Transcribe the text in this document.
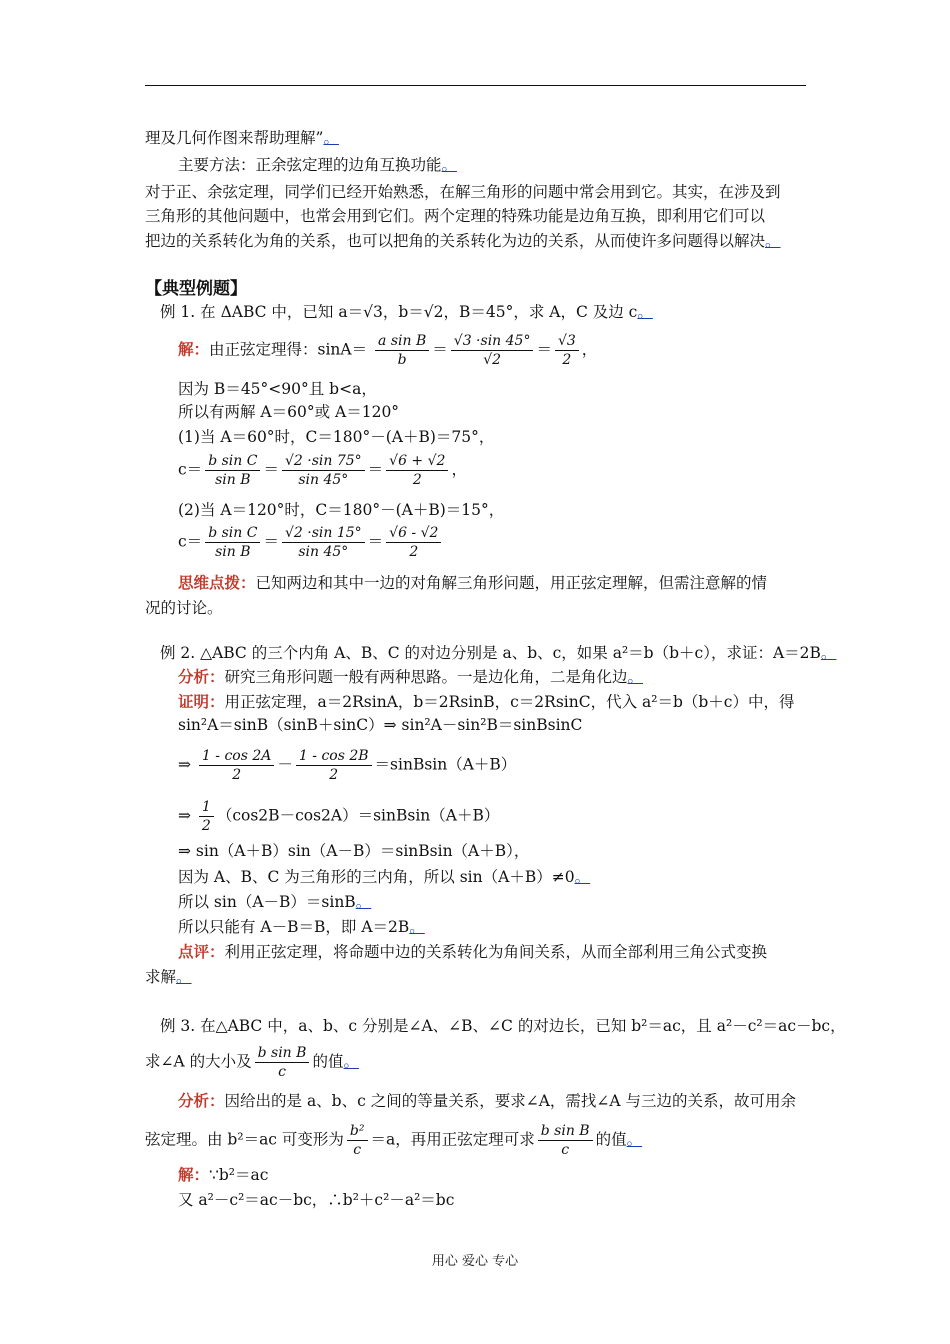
理及几何作图来帮助理解”。
主要方法：正余弦定理的边角互换功能。
对于正、余弦定理，同学们已经开始熟悉，在解三角形的问题中常会用到它。其实，在涉及到
三角形的其他问题中，也常会用到它们。两个定理的特殊功能是边角互换，即利用它们可以
把边的关系转化为角的关系，也可以把角的关系转化为边的关系，从而使许多问题得以解决。
【典型例题】
例 1. 在 ΔABC 中，已知 a＝√3，b＝√2，B＝45°，求 A，C 及边 c。
解：由正弦定理得：$\sin A= \frac{\text{a sin B}}{b} = \frac{√3 \cdot\sin 45^\circ}{√2} = \frac{√3}{2}$ ，
因为 B＝45°<90°且 b<a，
所以有两解 A＝60°或 A＝120°
(1)当 A＝60°时，C＝180°－(A＋B)＝75°，
$c= \frac{\text{b sin C}}{\text{sin B}} = \frac{√2 \cdot\sin 75^\circ}{\sin 45^\circ} = \frac{√6 + √2}{2}$ ，
(2)当 A＝120°时，C＝180°－(A＋B)＝15°，
$c= \frac{\text{b sin C}}{\text{sin B}} = \frac{√2 \cdot\sin 15^\circ}{\sin 45^\circ} = \frac{√6 - √2}{2}$
思维点拨：已知两边和其中一边的对角解三角形问题，用正弦定理解，但需注意解的情
况的讨论。
例 2. △ABC 的三个内角 A、B、C 的对边分别是 a、b、c，如果 a²＝b（b＋c），求证：A＝2B。
分析：研究三角形问题一般有两种思路。一是边化角，二是角化边。
证明：用正弦定理，a＝2RsinA，b＝2RsinB，c＝2RsinC，代入 a²＝b（b＋c）中，得
sin²A＝sinB（sinB＋sinC）⇒ sin²A－sin²B＝sinBsinC
⇒ $\frac{1 - \cos 2A}{2} - \frac{1 - \cos 2B}{2}$ ＝sinBsin（A＋B）
⇒ $\frac{1}{2}$ （cos2B－cos2A）＝sinBsin（A＋B）
⇒ sin（A＋B）sin（A－B）＝sinBsin（A＋B），
因为 A、B、C 为三角形的三内角，所以 sin（A＋B）≠0。
所以 sin（A－B）＝sinB。
所以只能有 A－B＝B，即 A＝2B。
点评：利用正弦定理，将命题中边的关系转化为角间关系，从而全部利用三角公式变换
求解。
例 3. 在△ABC 中，a、b、c 分别是∠A、∠B、∠C 的对边长，已知 b²＝ac，且 a²－c²＝ac－bc，
求∠A 的大小及 $\frac{\text{b sin B}}{c}$ 的值。
分析：因给出的是 a、b、c 之间的等量关系，要求∠A，需找∠A 与三边的关系，故可用余
弦定理。由 b²＝ac 可变形为 $\frac{\text{b²}}{c} =a$，再用正弦定理可求 $\frac{\text{b sin B}}{c}$ 的值。
解：∵b²＝ac
又 a²－c²＝ac－bc，∴b²＋c²－a²＝bc
用心 爱心 专心
